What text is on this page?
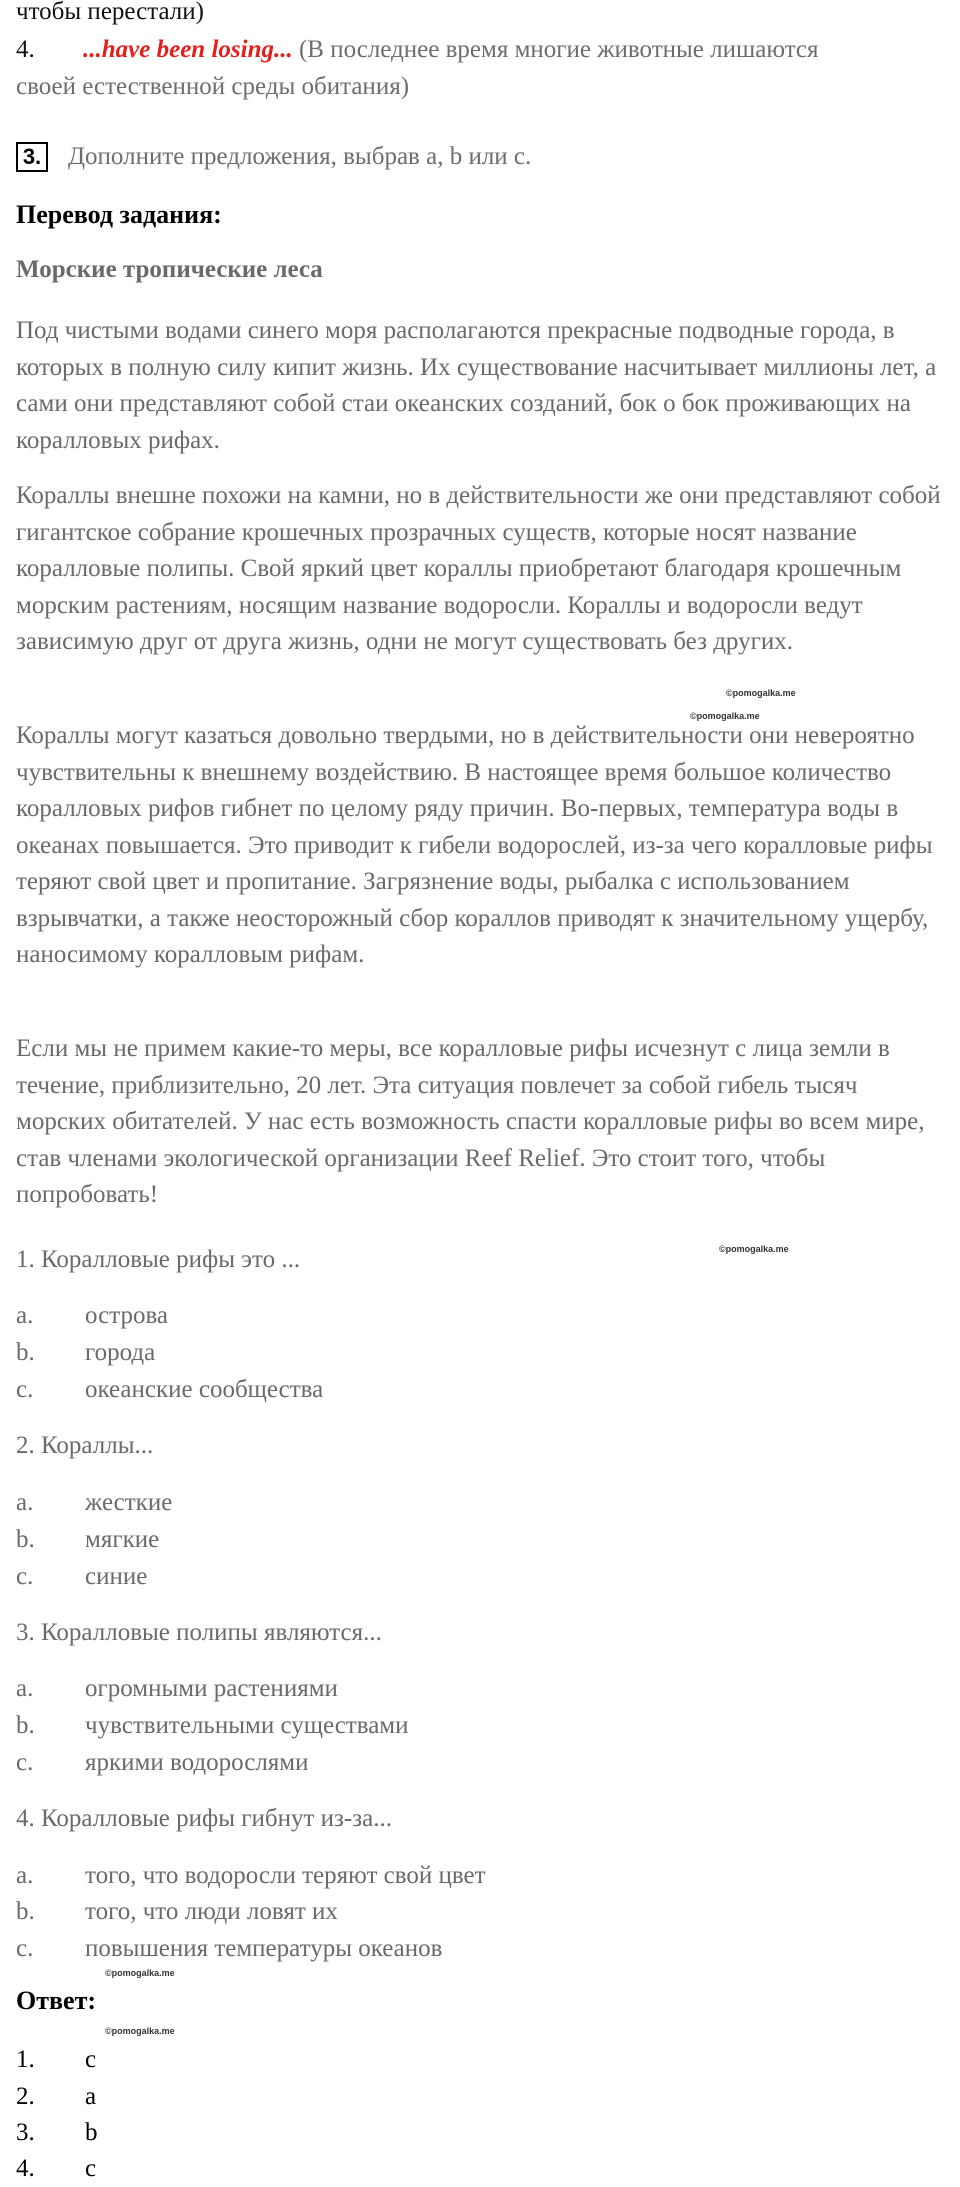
чтобы перестали)
4. ...have been losing... (В последнее время многие животные лишаются
своей естественной среды обитания)
3. Дополните предложения, выбрав a, b или c.
Перевод задания:
Морские тропические леса

Под чистыми водами синего моря располагаются прекрасные подводные города, в которых в полную силу кипит жизнь. Их существование насчитывает миллионы лет, а сами они представляют собой стаи океанских созданий, бок о бок проживающих на коралловых рифах.

Кораллы внешне похожи на камни, но в действительности же они представляют собой гигантское собрание крошечных прозрачных существ, которые носят название коралловые полипы. Свой яркий цвет кораллы приобретают благодаря крошечным морским растениям, носящим название водоросли. Кораллы и водоросли ведут зависимую друг от друга жизнь, одни не могут существовать без других.

Кораллы могут казаться довольно твердыми, но в действительности они невероятно чувствительны к внешнему воздействию. В настоящее время большое количество коралловых рифов гибнет по целому ряду причин. Во-первых, температура воды в океанах повышается. Это приводит к гибели водорослей, из-за чего коралловые рифы теряют свой цвет и пропитание. Загрязнение воды, рыбалка с использованием взрывчатки, а также неосторожный сбор кораллов приводят к значительному ущербу, наносимому коралловым рифам.

Если мы не примем какие-то меры, все коралловые рифы исчезнут с лица земли в течение, приблизительно, 20 лет. Эта ситуация повлечет за собой гибель тысяч морских обитателей. У нас есть возможность спасти коралловые рифы во всем мире, став членами экологической организации Reef Relief. Это стоит того, чтобы попробовать!

©pomogalka.me
©pomogalka.me
©pomogalka.me
©pomogalka.me
©pomogalka.me
1. Коралловые рифы это ...
a. острова
b. города
c. океанские сообщества
2. Кораллы...
a. жесткие
b. мягкие
c. синие
3. Коралловые полипы являются...
a. огромными растениями
b. чувствительными существами
c. яркими водорослями
4. Коралловые рифы гибнут из-за...
a. того, что водоросли теряют свой цвет
b. того, что люди ловят их
c. повышения температуры океанов
Ответ:
1. c
2. a
3. b
4. c
